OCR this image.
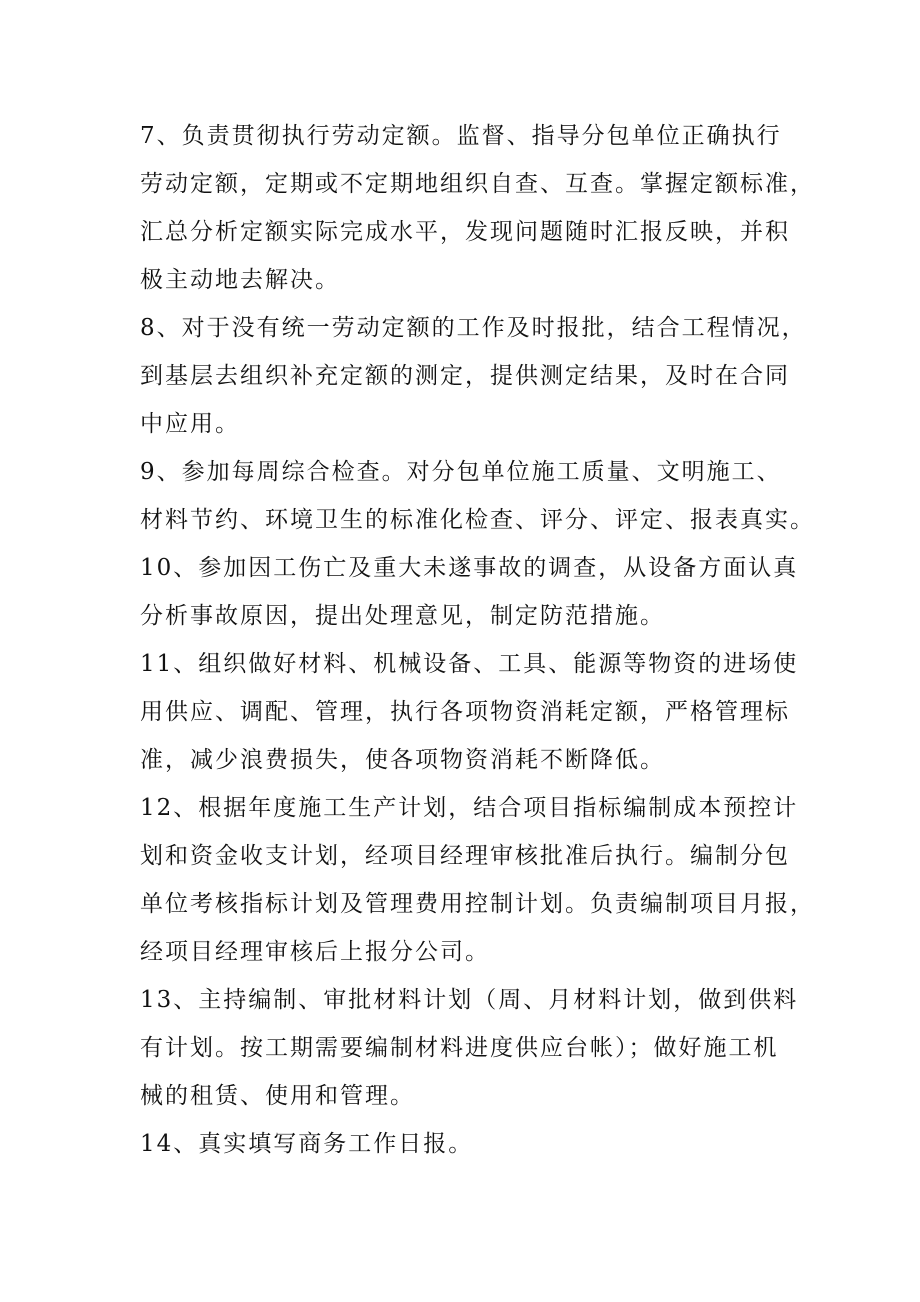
7、负责贯彻执行劳动定额。监督、指导分包单位正确执行
劳动定额，定期或不定期地组织自查、互查。掌握定额标准，
汇总分析定额实际完成水平，发现问题随时汇报反映，并积
极主动地去解决。
8、对于没有统一劳动定额的工作及时报批，结合工程情况，
到基层去组织补充定额的测定，提供测定结果，及时在合同
中应用。
9、参加每周综合检查。对分包单位施工质量、文明施工、
材料节约、环境卫生的标准化检查、评分、评定、报表真实。
10、参加因工伤亡及重大未遂事故的调查，从设备方面认真
分析事故原因，提出处理意见，制定防范措施。
11、组织做好材料、机械设备、工具、能源等物资的进场使
用供应、调配、管理，执行各项物资消耗定额，严格管理标
准，减少浪费损失，使各项物资消耗不断降低。
12、根据年度施工生产计划，结合项目指标编制成本预控计
划和资金收支计划，经项目经理审核批准后执行。编制分包
单位考核指标计划及管理费用控制计划。负责编制项目月报，
经项目经理审核后上报分公司。
13、主持编制、审批材料计划（周、月材料计划，做到供料
有计划。按工期需要编制材料进度供应台帐）；做好施工机
械的租赁、使用和管理。
14、真实填写商务工作日报。
